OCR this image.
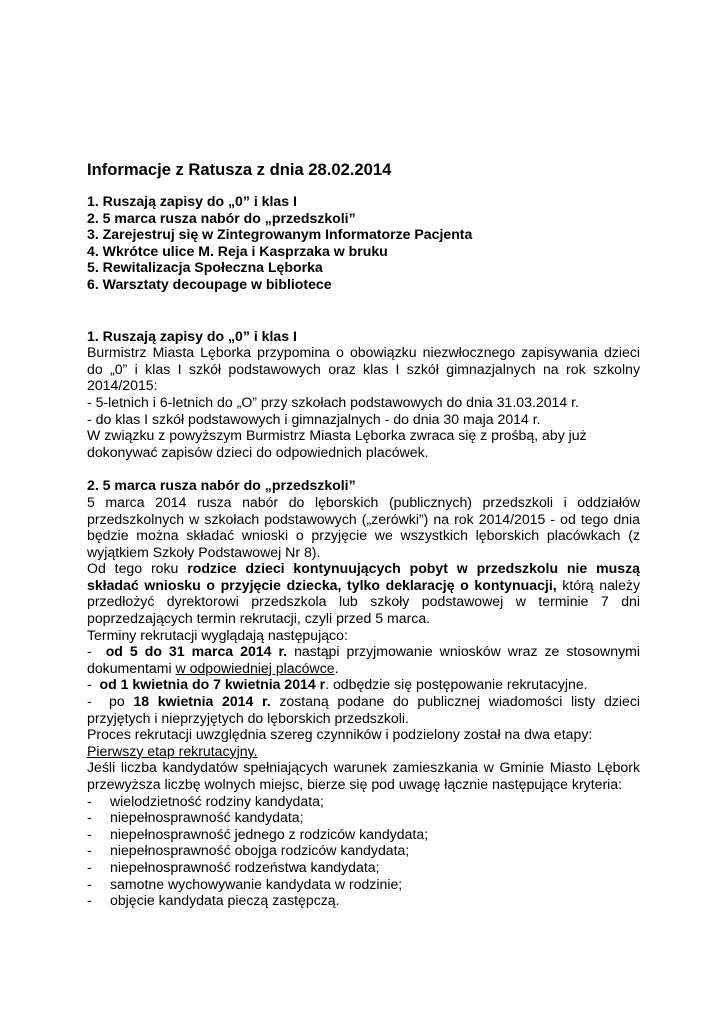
Informacje z Ratusza z dnia 28.02.2014
1. Ruszają zapisy do „0” i klas I
2. 5 marca rusza nabór do „przedszkoli”
3. Zarejestruj się w Zintegrowanym Informatorze Pacjenta
4. Wkrótce ulice M. Reja i Kasprzaka w bruku
5. Rewitalizacja Społeczna Lęborka
6. Warsztaty decoupage w bibliotece
1. Ruszają zapisy do „0” i klas I
Burmistrz Miasta Lęborka przypomina o obowiązku niezwłocznego zapisywania dzieci do „0” i klas I szkół podstawowych oraz klas I szkół gimnazjalnych na rok szkolny 2014/2015:
- 5-letnich i 6-letnich do „O” przy szkołach podstawowych do dnia 31.03.2014 r.
- do klas I szkół podstawowych i gimnazjalnych - do dnia 30 maja 2014 r.
W związku z powyższym Burmistrz Miasta Lęborka zwraca się z prośbą, aby już dokonywać zapisów dzieci do odpowiednich placówek.
2. 5 marca rusza nabór do „przedszkoli”
5 marca 2014 rusza nabór do lęborskich (publicznych) przedszkoli i oddziałów przedszkolnych w szkołach podstawowych („zerówki”) na rok 2014/2015 - od tego dnia będzie można składać wnioski o przyjęcie we wszystkich lęborskich placówkach (z wyjątkiem Szkoły Podstawowej Nr 8).
Od tego roku rodzice dzieci kontynuujących pobyt w przedszkolu nie muszą składać wniosku o przyjęcie dziecka, tylko deklarację o kontynuacji, którą należy przedłożyć dyrektorowi przedszkola lub szkoły podstawowej w terminie 7 dni poprzedzających termin rekrutacji, czyli przed 5 marca.
Terminy rekrutacji wyglądają następująco:
- od 5 do 31 marca 2014 r. nastąpi przyjmowanie wniosków wraz ze stosownymi dokumentami w odpowiedniej placówce.
- od 1 kwietnia do 7 kwietnia 2014 r. odbędzie się postępowanie rekrutacyjne.
- po 18 kwietnia 2014 r. zostaną podane do publicznej wiadomości listy dzieci przyjętych i nieprzyjętych do lęborskich przedszkoli.
Proces rekrutacji uwzględnia szereg czynników i podzielony został na dwa etapy:
Pierwszy etap rekrutacyjny.
Jeśli liczba kandydatów spełniających warunek zamieszkania w Gminie Miasto Lębork przewyższa liczbę wolnych miejsc, bierze się pod uwagę łącznie następujące kryteria:
-	wielodzietność rodziny kandydata;
-	niepełnosprawność kandydata;
-	niepełnosprawność jednego z rodziców kandydata;
-	niepełnosprawność obojga rodziców kandydata;
-	niepełnosprawność rodzeństwa kandydata;
-	samotne wychowywanie kandydata w rodzinie;
-	objęcie kandydata pieczą zastępczą.
